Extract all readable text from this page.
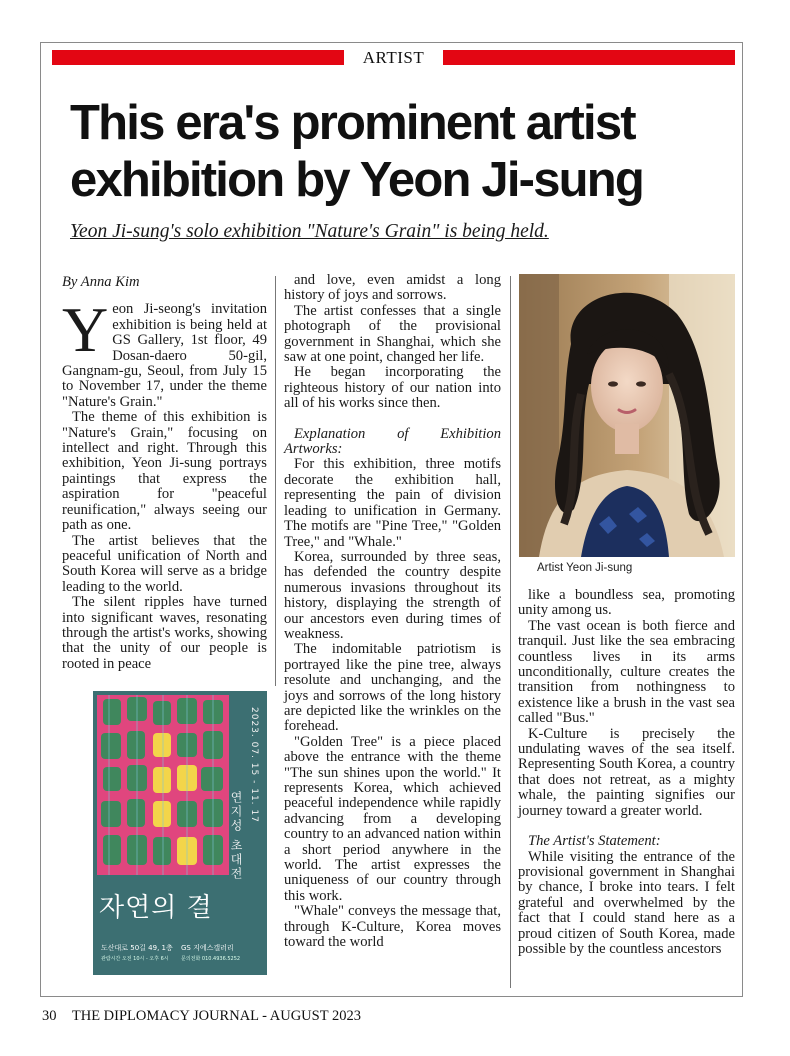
ARTIST
This era's prominent artist
exhibition by Yeon Ji-sung
Yeon Ji-sung's solo exhibition "Nature's Grain" is being held.

By Anna Kim

Yeon Ji-seong's invitation exhibition is being held at GS Gallery, 1st floor, 49 Dosan-daero 50-gil, Gangnam-gu, Seoul, from July 15 to November 17, under the theme "Nature's Grain."

The theme of this exhibition is "Nature's Grain," focusing on intellect and right. Through this exhibition, Yeon Ji-sung portrays paintings that express the aspiration for "peaceful reunification," always seeing our path as one.

The artist believes that the peaceful unification of North and South Korea will serve as a bridge leading to the world.

The silent ripples have turned into significant waves, resonating through the artist's works, showing that the unity of our people is rooted in peace

and love, even amidst a long history of joys and sorrows.

The artist confesses that a single photograph of the provisional government in Shanghai, which she saw at one point, changed her life.

He began incorporating the righteous history of our nation into all of his works since then.

Explanation of Exhibition Artworks:

For this exhibition, three motifs decorate the exhibition hall, representing the pain of division leading to unification in Germany. The motifs are "Pine Tree," "Golden Tree," and "Whale."

Korea, surrounded by three seas, has defended the country despite numerous invasions throughout its history, displaying the strength of our ancestors even during times of weakness.

The indomitable patriotism is portrayed like the pine tree, always resolute and unchanging, and the joys and sorrows of the long history are depicted like the wrinkles on the forehead.

"Golden Tree" is a piece placed above the entrance with the theme "The sun shines upon the world." It represents Korea, which achieved peaceful independence while rapidly advancing from a developing country to an advanced nation within a short period anywhere in the world. The artist expresses the uniqueness of our country through this work.

"Whale" conveys the message that, through K-Culture, Korea moves toward the world

Artist Yeon Ji-sung

like a boundless sea, promoting unity among us.

The vast ocean is both fierce and tranquil. Just like the sea embracing countless lives in its arms unconditionally, culture creates the transition from nothingness to existence like a brush in the vast sea called "Bus."

K-Culture is precisely the undulating waves of the sea itself. Representing South Korea, a country that does not retreat, as a mighty whale, the painting signifies our journey toward a greater world.

The Artist's Statement:

While visiting the entrance of the provisional government in Shanghai by chance, I broke into tears. I felt grateful and overwhelmed by the fact that I could stand here as a proud citizen of South Korea, made possible by the countless ancestors

2023. 07. 15 - 11. 17
연지성 초대전
자연의 결
도산대로 50길 49, 1층 GS 지에스갤러리
관람시간 오전 10시 - 오후 6시 문의전화 010.4936.5252
30 THE DIPLOMACY JOURNAL - AUGUST 2023
